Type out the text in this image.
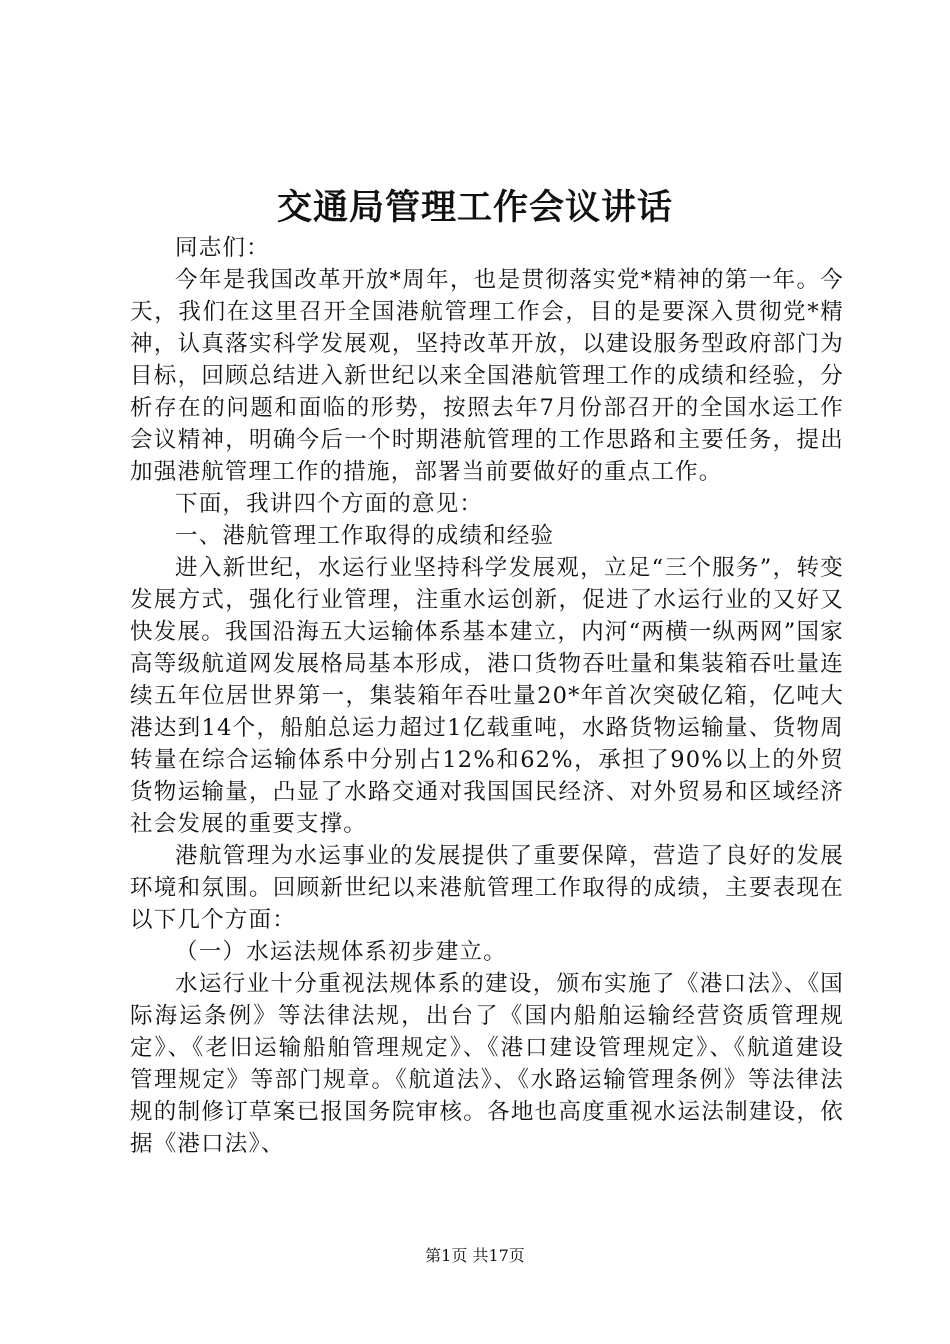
交通局管理工作会议讲话

同志们：

今年是我国改革开放*周年，也是贯彻落实党*精神的第一年。今天，我们在这里召开全国港航管理工作会，目的是要深入贯彻党*精神，认真落实科学发展观，坚持改革开放，以建设服务型政府部门为目标，回顾总结进入新世纪以来全国港航管理工作的成绩和经验，分析存在的问题和面临的形势，按照去年7月份部召开的全国水运工作会议精神，明确今后一个时期港航管理的工作思路和主要任务，提出加强港航管理工作的措施，部署当前要做好的重点工作。

下面，我讲四个方面的意见：

一、港航管理工作取得的成绩和经验

进入新世纪，水运行业坚持科学发展观，立足“三个服务”，转变发展方式，强化行业管理，注重水运创新，促进了水运行业的又好又快发展。我国沿海五大运输体系基本建立，内河“两横一纵两网”国家高等级航道网发展格局基本形成，港口货物吞吐量和集装箱吞吐量连续五年位居世界第一，集装箱年吞吐量20*年首次突破亿箱，亿吨大港达到14个，船舶总运力超过1亿载重吨，水路货物运输量、货物周转量在综合运输体系中分别占12%和62%，承担了90%以上的外贸货物运输量，凸显了水路交通对我国国民经济、对外贸易和区域经济社会发展的重要支撑。

港航管理为水运事业的发展提供了重要保障，营造了良好的发展环境和氛围。回顾新世纪以来港航管理工作取得的成绩，主要表现在以下几个方面：

（一）水运法规体系初步建立。

水运行业十分重视法规体系的建设，颁布实施了《港口法》、《国际海运条例》等法律法规，出台了《国内船舶运输经营资质管理规定》、《老旧运输船舶管理规定》、《港口建设管理规定》、《航道建设管理规定》等部门规章。《航道法》、《水路运输管理条例》等法律法规的制修订草案已报国务院审核。各地也高度重视水运法制建设，依据《港口法》、

第1页 共17页
